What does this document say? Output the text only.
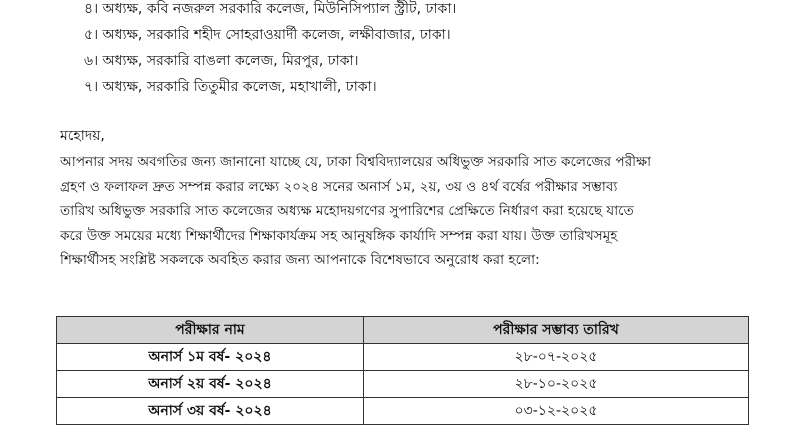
৪। অধ্যক্ষ, কবি নজরুল সরকারি কলেজ, মিউনিসিপ্যাল স্ট্রীট, ঢাকা।
৫। অধ্যক্ষ, সরকারি শহীদ সোহরাওয়ার্দী কলেজ, লক্ষীবাজার, ঢাকা।
৬। অধ্যক্ষ, সরকারি বাঙলা কলেজ, মিরপুর, ঢাকা।
৭। অধ্যক্ষ, সরকারি তিতুমীর কলেজ, মহাখালী, ঢাকা।
মহোদয়,
আপনার সদয় অবগতির জন্য জানানো যাচ্ছে যে, ঢাকা বিশ্ববিদ্যালয়ের অধিভুক্ত সরকারি সাত কলেজের পরীক্ষা
গ্রহণ ও ফলাফল দ্রুত সম্পন্ন করার লক্ষ্যে ২০২৪ সনের অনার্স ১ম, ২য়, ৩য় ও ৪র্থ বর্ষের পরীক্ষার সম্ভাব্য
তারিখ অধিভুক্ত সরকারি সাত কলেজের অধ্যক্ষ মহোদয়গণের সুপারিশের প্রেক্ষিতে নির্ধারণ করা হয়েছে যাতে
করে উক্ত সময়ের মধ্যে শিক্ষার্থীদের শিক্ষাকার্যক্রম সহ আনুষঙ্গিক কার্যাদি সম্পন্ন করা যায়। উক্ত তারিখসমূহ
শিক্ষার্থীসহ সংশ্লিষ্ট সকলকে অবহিত করার জন্য আপনাকে বিশেষভাবে অনুরোধ করা হলো:
পরীক্ষার নাম	পরীক্ষার সম্ভাব্য তারিখ
অনার্স ১ম বর্ষ- ২০২৪	২৮-০৭-২০২৫
অনার্স ২য় বর্ষ- ২০২৪	২৮-১০-২০২৫
অনার্স ৩য় বর্ষ- ২০২৪	০৩-১২-২০২৫
